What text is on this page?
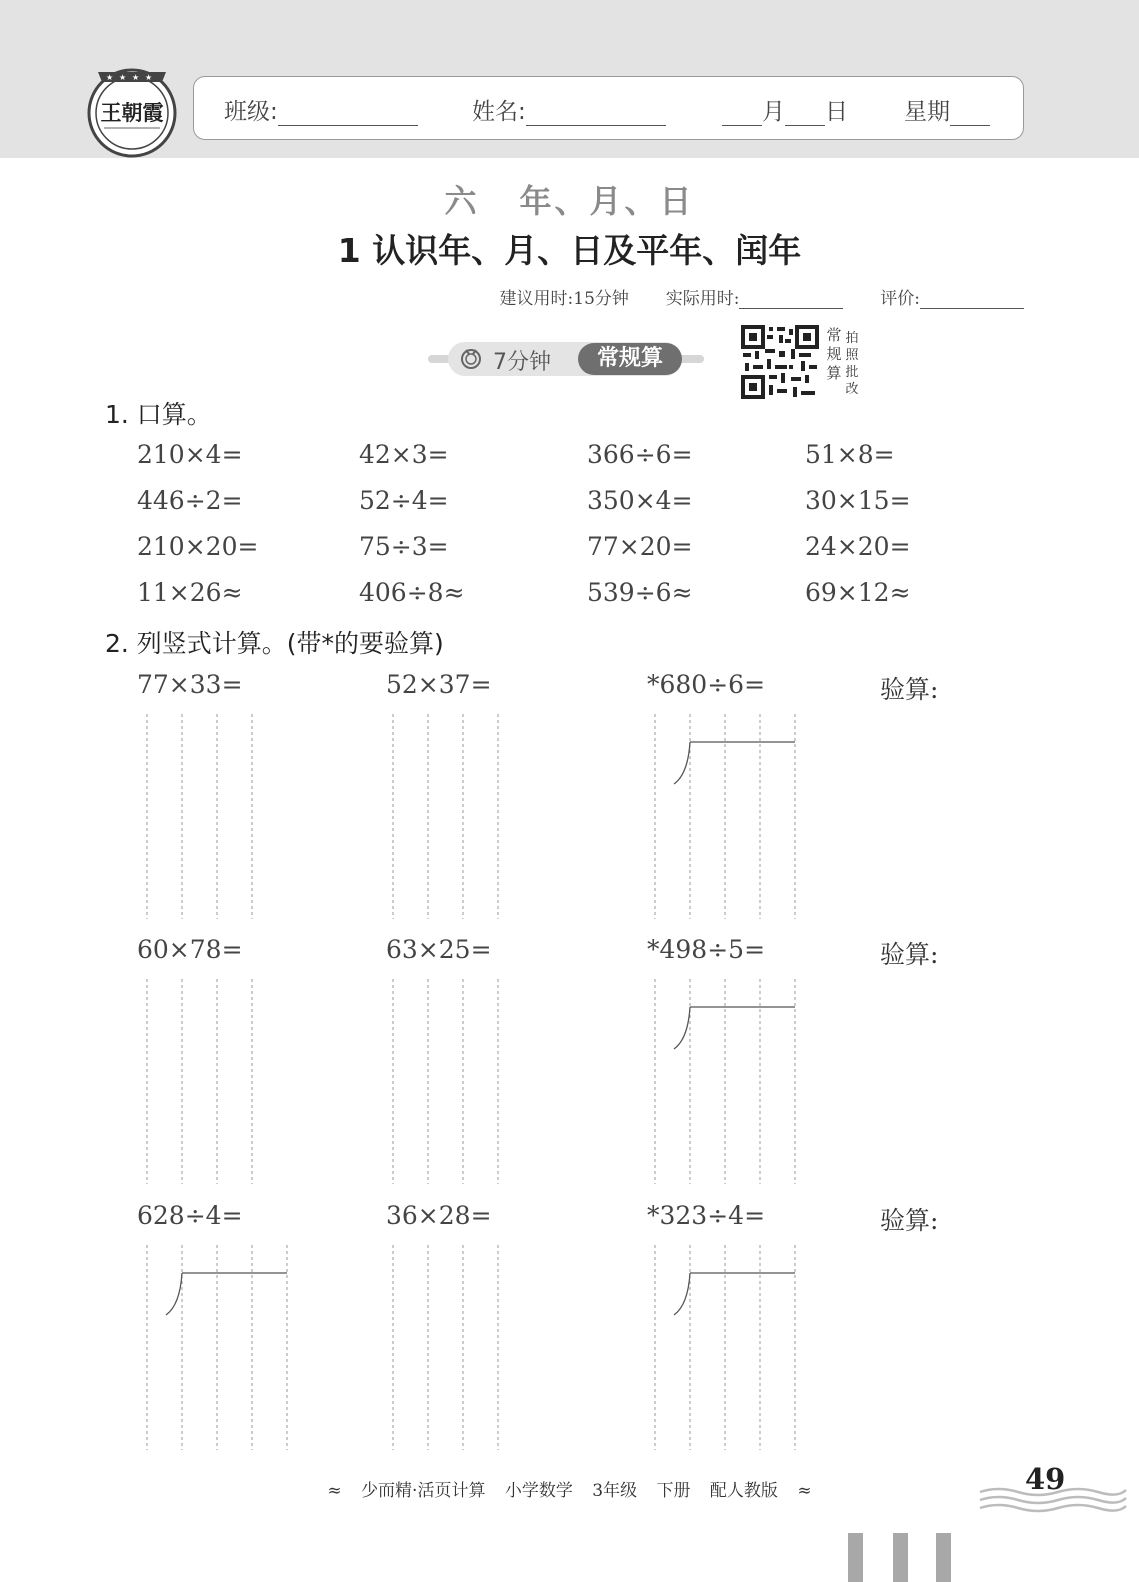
★ ★ ★ ★
王朝霞	班级:	姓名:	月 日 星期
六 年、月、日
1 认识年、月、日及平年、闰年
建议用时:15分钟 实际用时:	评价:
7分钟	常规算
常
规
算
拍
照
批
改
1. 口算。
210×4=	42×3=	366÷6=	51×8=
446÷2=	52÷4=	350×4=	30×15=
210×20=	75÷3=	77×20=	24×20=
11×26≈	406÷8≈	539÷6≈	69×12≈
2. 列竖式计算。(带*的要验算)
77×33=	52×37=	*680÷6=	验算:
60×78=	63×25=	*498÷5=	验算:
628÷4=	36×28=	*323÷4=	验算:
≈ 少而精·活页计算 小学数学 3年级 下册 配人教版 ≈	49
